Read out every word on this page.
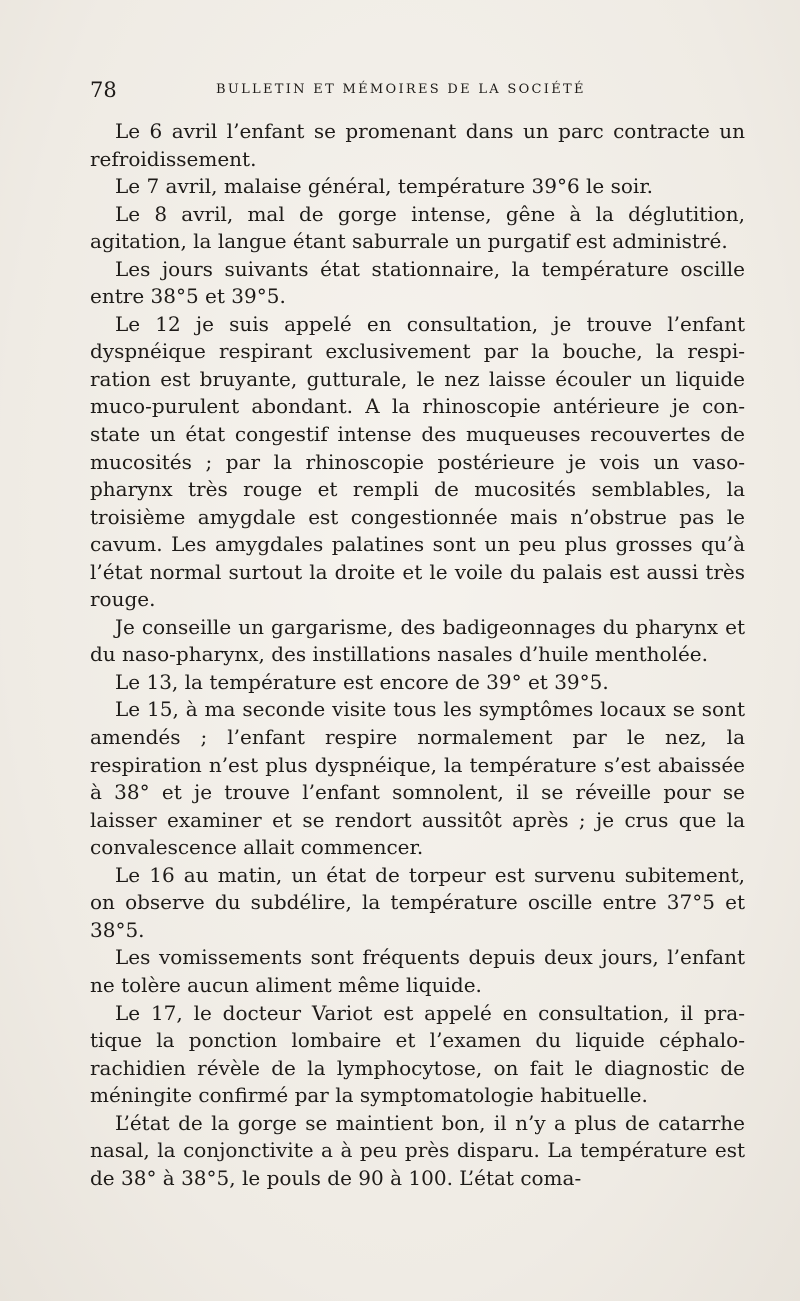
78	BULLETIN ET MÉMOIRES DE LA SOCIÉTÉ

Le 6 avril l’enfant se promenant dans un parc contracte un refroidissement.

Le 7 avril, malaise général, température 39°6 le soir.

Le 8 avril, mal de gorge intense, gêne à la déglutition, agitation, la langue étant saburrale un purgatif est administré.

Les jours suivants état stationnaire, la température oscille entre 38°5 et 39°5.

Le 12 je suis appelé en consultation, je trouve l’enfant dyspnéique respirant exclusivement par la bouche, la respiration est bruyante, gutturale, le nez laisse écouler un liquide muco-purulent abondant. A la rhinoscopie antérieure je constate un état congestif intense des muqueuses recouvertes de mucosités ; par la rhinoscopie postérieure je vois un vasopharynx très rouge et rempli de mucosités semblables, la troisième amygdale est congestionnée mais n’obstrue pas le cavum. Les amygdales palatines sont un peu plus grosses qu’à l’état normal surtout la droite et le voile du palais est aussi très rouge.

Je conseille un gargarisme, des badigeonnages du pharynx et du naso-pharynx, des instillations nasales d’huile mentholée.

Le 13, la température est encore de 39° et 39°5.

Le 15, à ma seconde visite tous les symptômes locaux se sont amendés ; l’enfant respire normalement par le nez, la respiration n’est plus dyspnéique, la température s’est abaissée à 38° et je trouve l’enfant somnolent, il se réveille pour se laisser examiner et se rendort aussitôt après ; je crus que la convalescence allait commencer.

Le 16 au matin, un état de torpeur est survenu subitement, on observe du subdélire, la température oscille entre 37°5 et 38°5.

Les vomissements sont fréquents depuis deux jours, l’enfant ne tolère aucun aliment même liquide.

Le 17, le docteur Variot est appelé en consultation, il pratique la ponction lombaire et l’examen du liquide céphalorachidien révèle de la lymphocytose, on fait le diagnostic de méningite confirmé par la symptomatologie habituelle.

L’état de la gorge se maintient bon, il n’y a plus de catarrhe nasal, la conjonctivite a à peu près disparu. La température est de 38° à 38°5, le pouls de 90 à 100. L’état coma-
